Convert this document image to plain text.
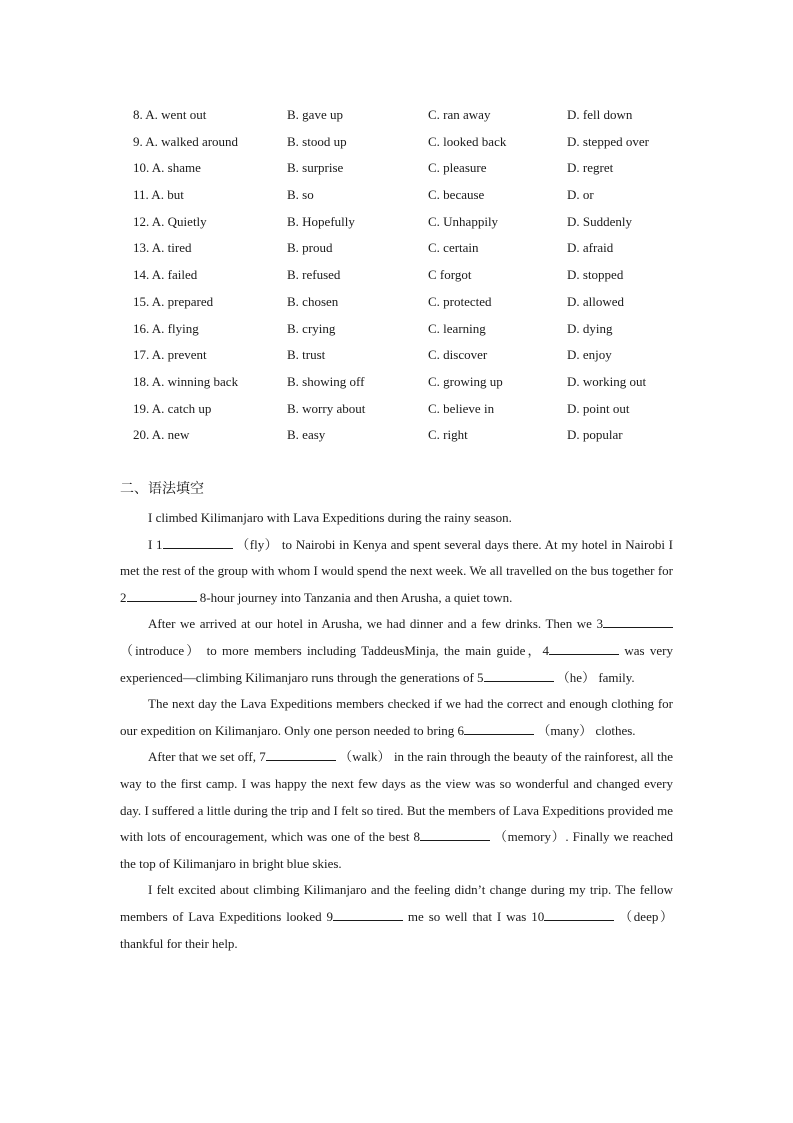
8. A. went out	B. gave up	C. ran away	D. fell down
9. A. walked around	B. stood up	C. looked back	D. stepped over
10. A. shame	B. surprise	C. pleasure	D. regret
11. A. but	B. so	C. because	D. or
12. A. Quietly	B. Hopefully	C. Unhappily	D. Suddenly
13. A. tired	B. proud	C. certain	D. afraid
14. A. failed	B. refused	C forgot	D. stopped
15. A. prepared	B. chosen	C. protected	D. allowed
16. A. flying	B. crying	C. learning	D. dying
17. A. prevent	B. trust	C. discover	D. enjoy
18. A. winning back	B. showing off	C. growing up	D. working out
19. A. catch up	B. worry about	C. believe in	D. point out
20. A. new	B. easy	C. right	D. popular
二、语法填空

I climbed Kilimanjaro with Lava Expeditions during the rainy season.

I 1	（fly） to Nairobi in Kenya and spent several days there. At my hotel in Nairobi I met the rest of the group with whom I would spend the next week. We all travelled on the bus together for 2	8-hour journey into Tanzania and then Arusha, a quiet town.

After we arrived at our hotel in Arusha, we had dinner and a few drinks. Then we 3 （introduce） to more members including TaddeusMinja, the main guide，4	was very experienced—climbing Kilimanjaro runs through the generations of 5	（he） family.

The next day the Lava Expeditions members checked if we had the correct and enough clothing for our expedition on Kilimanjaro. Only one person needed to bring 6	（many） clothes.

After that we set off, 7	（walk） in the rain through the beauty of the rainforest, all the way to the first camp. I was happy the next few days as the view was so wonderful and changed every day. I suffered a little during the trip and I felt so tired. But the members of Lava Expeditions provided me with lots of encouragement, which was one of the best 8	（memory）. Finally we reached the top of Kilimanjaro in bright blue skies.

I felt excited about climbing Kilimanjaro and the feeling didn’t change during my trip. The fellow members of Lava Expeditions looked 9	me so well that I was 10	（deep） thankful for their help.
